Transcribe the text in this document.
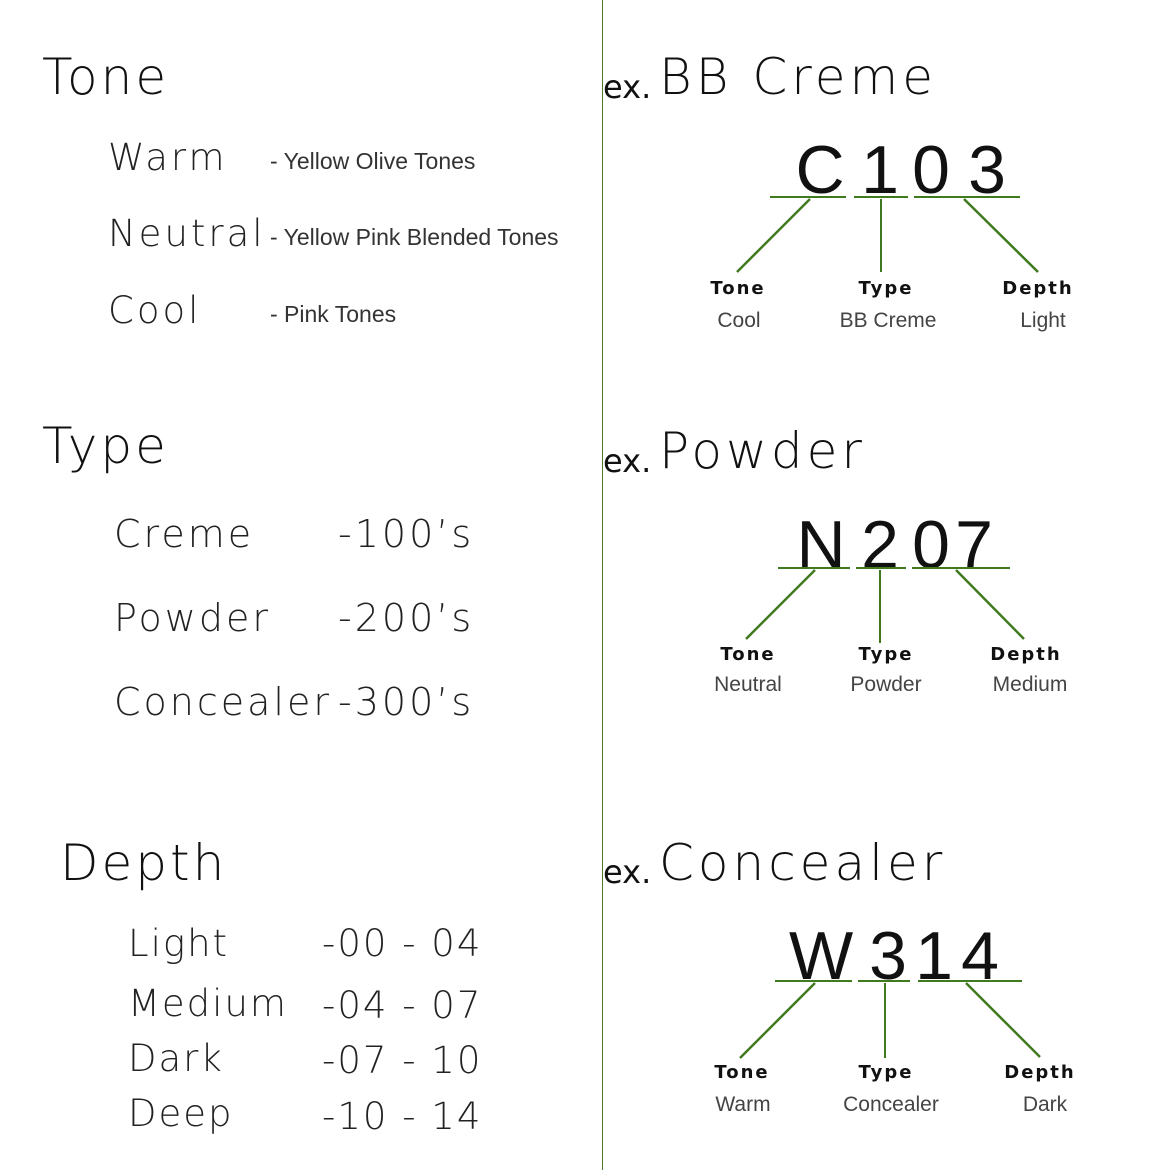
Tone
Warm - Yellow Olive Tones
Neutral - Yellow Pink Blended Tones
Cool	- Pink Tones
Type
Creme -100’s
Powder -200’s
Concealer -300’s
Depth
Light	-00 - 04
Medium -04 - 07
Dark	-07 - 10
Deep -10 - 14
ex. BB Creme
C 1 0 3
Tone
Cool
Type
BB Creme
Depth
Light
ex. Powder
N 2 0 7
Tone
Neutral
Type
Powder
Depth
Medium
ex. Concealer
W 3 1 4
Tone
Warm
Type
Concealer
Depth
Dark
